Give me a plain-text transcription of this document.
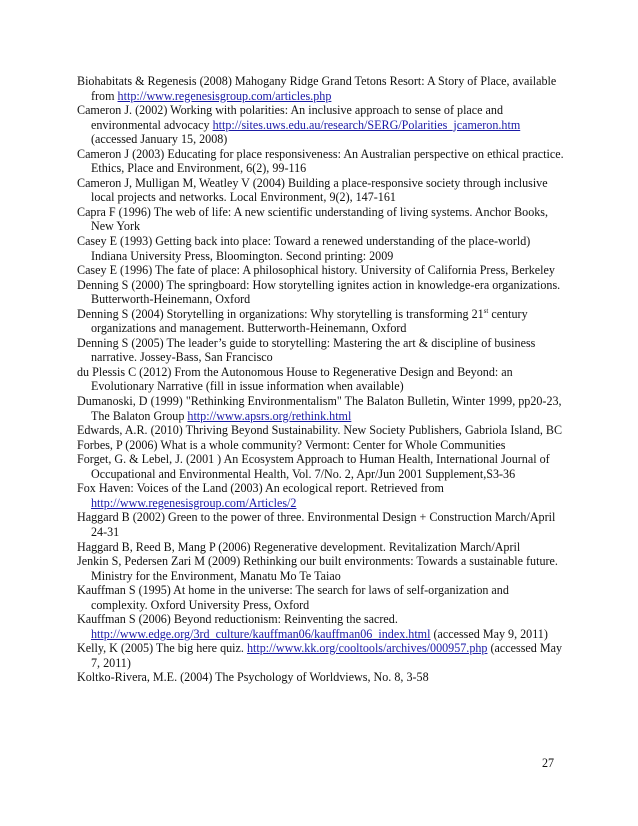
Biohabitats & Regenesis (2008) Mahogany Ridge Grand Tetons Resort: A Story of Place, available from http://www.regenesisgroup.com/articles.php

Cameron J. (2002) Working with polarities: An inclusive approach to sense of place and environmental advocacy http://sites.uws.edu.au/research/SERG/Polarities_jcameron.htm (accessed January 15, 2008)

Cameron J (2003) Educating for place responsiveness: An Australian perspective on ethical practice. Ethics, Place and Environment, 6(2), 99-116

Cameron J, Mulligan M, Weatley V (2004) Building a place-responsive society through inclusive local projects and networks. Local Environment, 9(2), 147-161

Capra F (1996) The web of life: A new scientific understanding of living systems. Anchor Books, New York

Casey E (1993) Getting back into place: Toward a renewed understanding of the place-world) Indiana University Press, Bloomington. Second printing: 2009

Casey E (1996) The fate of place: A philosophical history. University of California Press, Berkeley

Denning S (2000) The springboard: How storytelling ignites action in knowledge-era organizations. Butterworth-Heinemann, Oxford

Denning S (2004) Storytelling in organizations: Why storytelling is transforming 21st century organizations and management. Butterworth-Heinemann, Oxford

Denning S (2005) The leader’s guide to storytelling: Mastering the art & discipline of business narrative. Jossey-Bass, San Francisco

du Plessis C (2012) From the Autonomous House to Regenerative Design and Beyond: an Evolutionary Narrative (fill in issue information when available)

Dumanoski, D (1999) "Rethinking Environmentalism" The Balaton Bulletin, Winter 1999, pp20-23, The Balaton Group http://www.apsrs.org/rethink.html

Edwards, A.R. (2010) Thriving Beyond Sustainability. New Society Publishers, Gabriola Island, BC

Forbes, P (2006) What is a whole community? Vermont: Center for Whole Communities

Forget, G. & Lebel, J. (2001 ) An Ecosystem Approach to Human Health, International Journal of Occupational and Environmental Health, Vol. 7/No. 2, Apr/Jun 2001 Supplement,S3-36

Fox Haven: Voices of the Land (2003) An ecological report. Retrieved from http://www.regenesisgroup.com/Articles/2

Haggard B (2002) Green to the power of three. Environmental Design + Construction March/April 24-31

Haggard B, Reed B, Mang P (2006) Regenerative development. Revitalization March/April

Jenkin S, Pedersen Zari M (2009) Rethinking our built environments: Towards a sustainable future. Ministry for the Environment, Manatu Mo Te Taiao

Kauffman S (1995) At home in the universe: The search for laws of self-organization and complexity. Oxford University Press, Oxford

Kauffman S (2006) Beyond reductionism: Reinventing the sacred. http://www.edge.org/3rd_culture/kauffman06/kauffman06_index.html (accessed May 9, 2011)

Kelly, K (2005) The big here quiz. http://www.kk.org/cooltools/archives/000957.php (accessed May 7, 2011)

Koltko-Rivera, M.E. (2004) The Psychology of Worldviews, No. 8, 3-58

27
